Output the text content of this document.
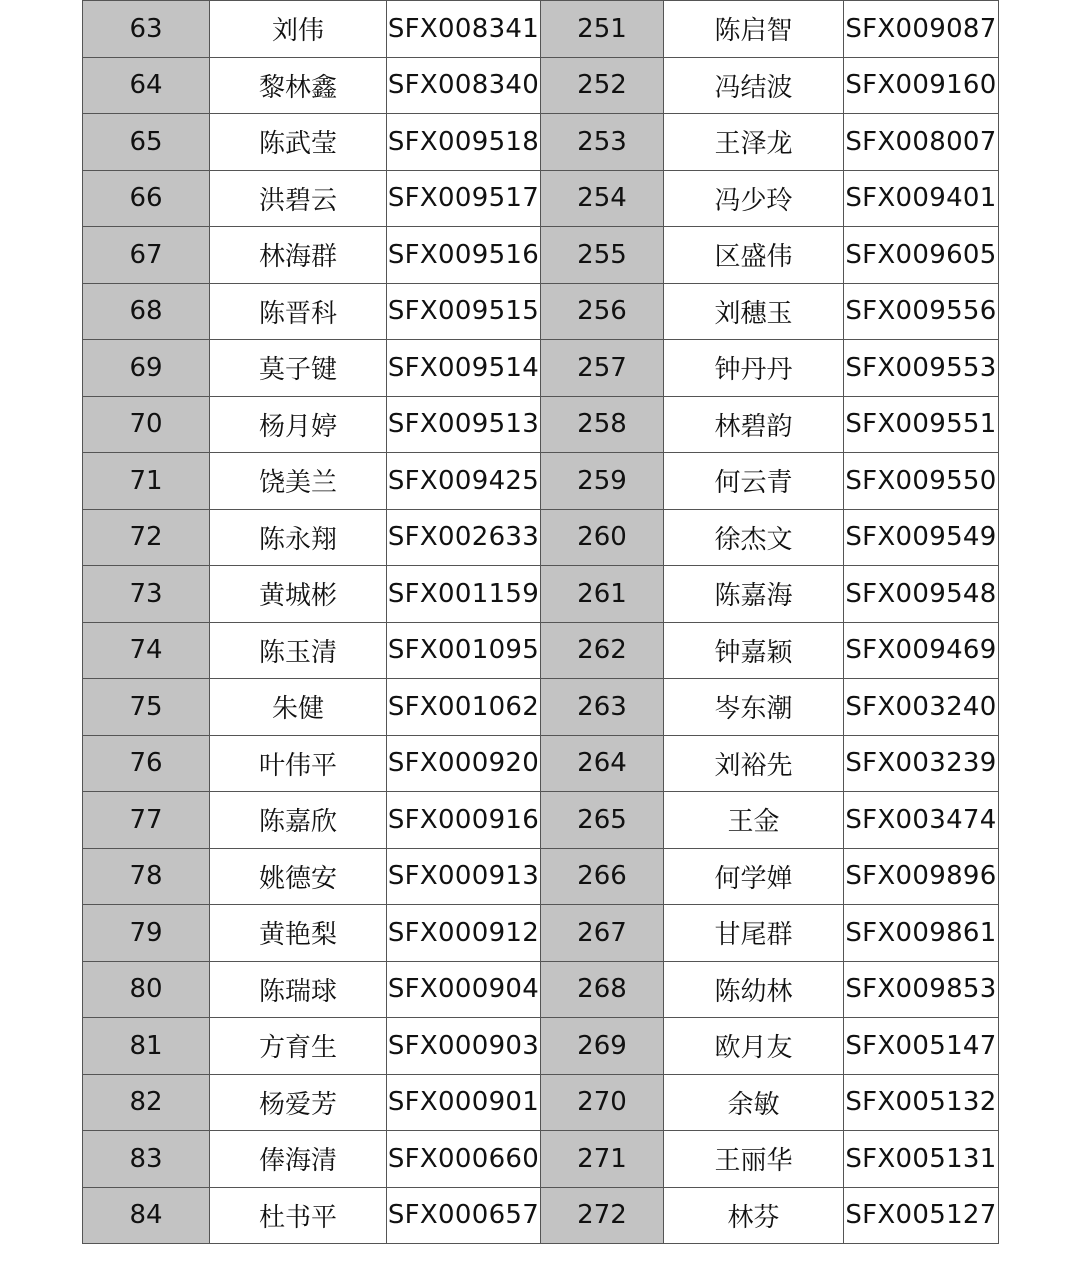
63	刘伟	SFX008341	251	陈启智	SFX009087
64	黎林鑫	SFX008340	252	冯结波	SFX009160
65	陈武莹	SFX009518	253	王泽龙	SFX008007
66	洪碧云	SFX009517	254	冯少玲	SFX009401
67	林海群	SFX009516	255	区盛伟	SFX009605
68	陈晋科	SFX009515	256	刘穗玉	SFX009556
69	莫子键	SFX009514	257	钟丹丹	SFX009553
70	杨月婷	SFX009513	258	林碧韵	SFX009551
71	饶美兰	SFX009425	259	何云青	SFX009550
72	陈永翔	SFX002633	260	徐杰文	SFX009549
73	黄城彬	SFX001159	261	陈嘉海	SFX009548
74	陈玉清	SFX001095	262	钟嘉颖	SFX009469
75	朱健	SFX001062	263	岑东潮	SFX003240
76	叶伟平	SFX000920	264	刘裕先	SFX003239
77	陈嘉欣	SFX000916	265	王金	SFX003474
78	姚德安	SFX000913	266	何学婵	SFX009896
79	黄艳梨	SFX000912	267	甘尾群	SFX009861
80	陈瑞球	SFX000904	268	陈幼林	SFX009853
81	方育生	SFX000903	269	欧月友	SFX005147
82	杨爱芳	SFX000901	270	余敏	SFX005132
83	俸海清	SFX000660	271	王丽华	SFX005131
84	杜书平	SFX000657	272	林芬	SFX005127
